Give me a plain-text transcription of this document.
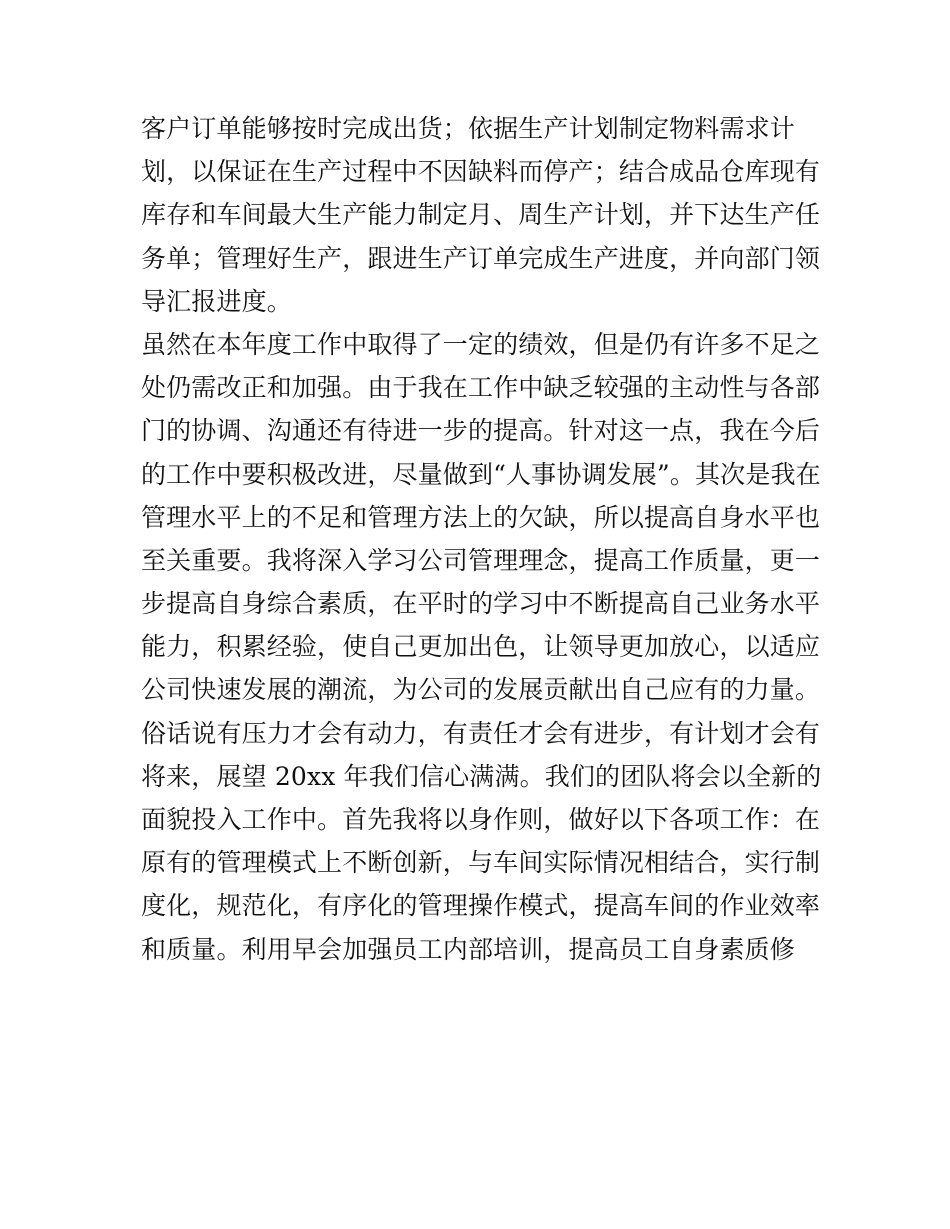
客户订单能够按时完成出货；依据生产计划制定物料需求计
划，以保证在生产过程中不因缺料而停产；结合成品仓库现有
库存和车间最大生产能力制定月、周生产计划，并下达生产任
务单；管理好生产，跟进生产订单完成生产进度，并向部门领
导汇报进度。
虽然在本年度工作中取得了一定的绩效，但是仍有许多不足之
处仍需改正和加强。由于我在工作中缺乏较强的主动性与各部
门的协调、沟通还有待进一步的提高。针对这一点，我在今后
的工作中要积极改进，尽量做到“人事协调发展”。其次是我在
管理水平上的不足和管理方法上的欠缺，所以提高自身水平也
至关重要。我将深入学习公司管理理念，提高工作质量，更一
步提高自身综合素质，在平时的学习中不断提高自己业务水平
能力，积累经验，使自己更加出色，让领导更加放心，以适应
公司快速发展的潮流，为公司的发展贡献出自己应有的力量。
俗话说有压力才会有动力，有责任才会有进步，有计划才会有
将来，展望 20xx 年我们信心满满。我们的团队将会以全新的
面貌投入工作中。首先我将以身作则，做好以下各项工作：在
原有的管理模式上不断创新，与车间实际情况相结合，实行制
度化，规范化，有序化的管理操作模式，提高车间的作业效率
和质量。利用早会加强员工内部培训，提高员工自身素质修
